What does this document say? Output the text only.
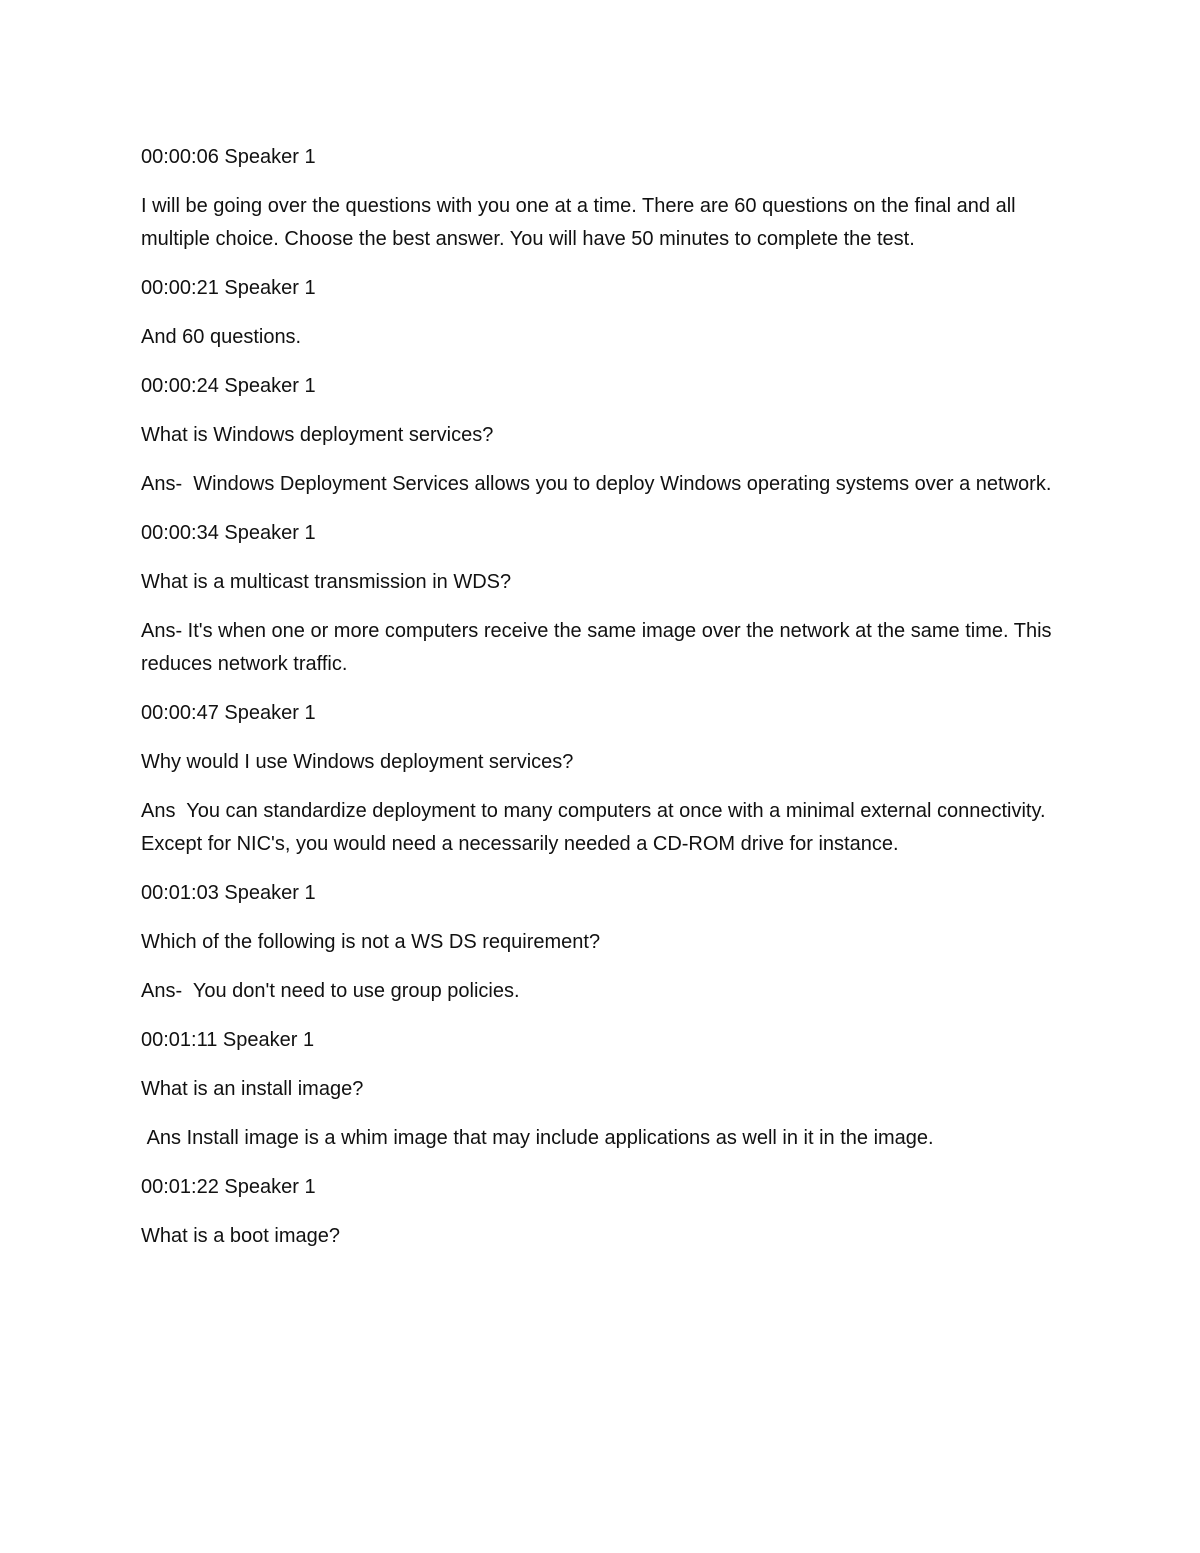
00:00:06 Speaker 1

I will be going over the questions with you one at a time. There are 60 questions on the final and all multiple choice. Choose the best answer. You will have 50 minutes to complete the test.

00:00:21 Speaker 1

And 60 questions.

00:00:24 Speaker 1

What is Windows deployment services?

Ans-  Windows Deployment Services allows you to deploy Windows operating systems over a network.

00:00:34 Speaker 1

What is a multicast transmission in WDS?

Ans- It's when one or more computers receive the same image over the network at the same time. This reduces network traffic.

00:00:47 Speaker 1

Why would I use Windows deployment services?

Ans  You can standardize deployment to many computers at once with a minimal external connectivity. Except for NIC's, you would need a necessarily needed a CD-ROM drive for instance.

00:01:03 Speaker 1

Which of the following is not a WS DS requirement?

Ans-  You don't need to use group policies.

00:01:11 Speaker 1

What is an install image?

Ans Install image is a whim image that may include applications as well in it in the image.

00:01:22 Speaker 1

What is a boot image?
